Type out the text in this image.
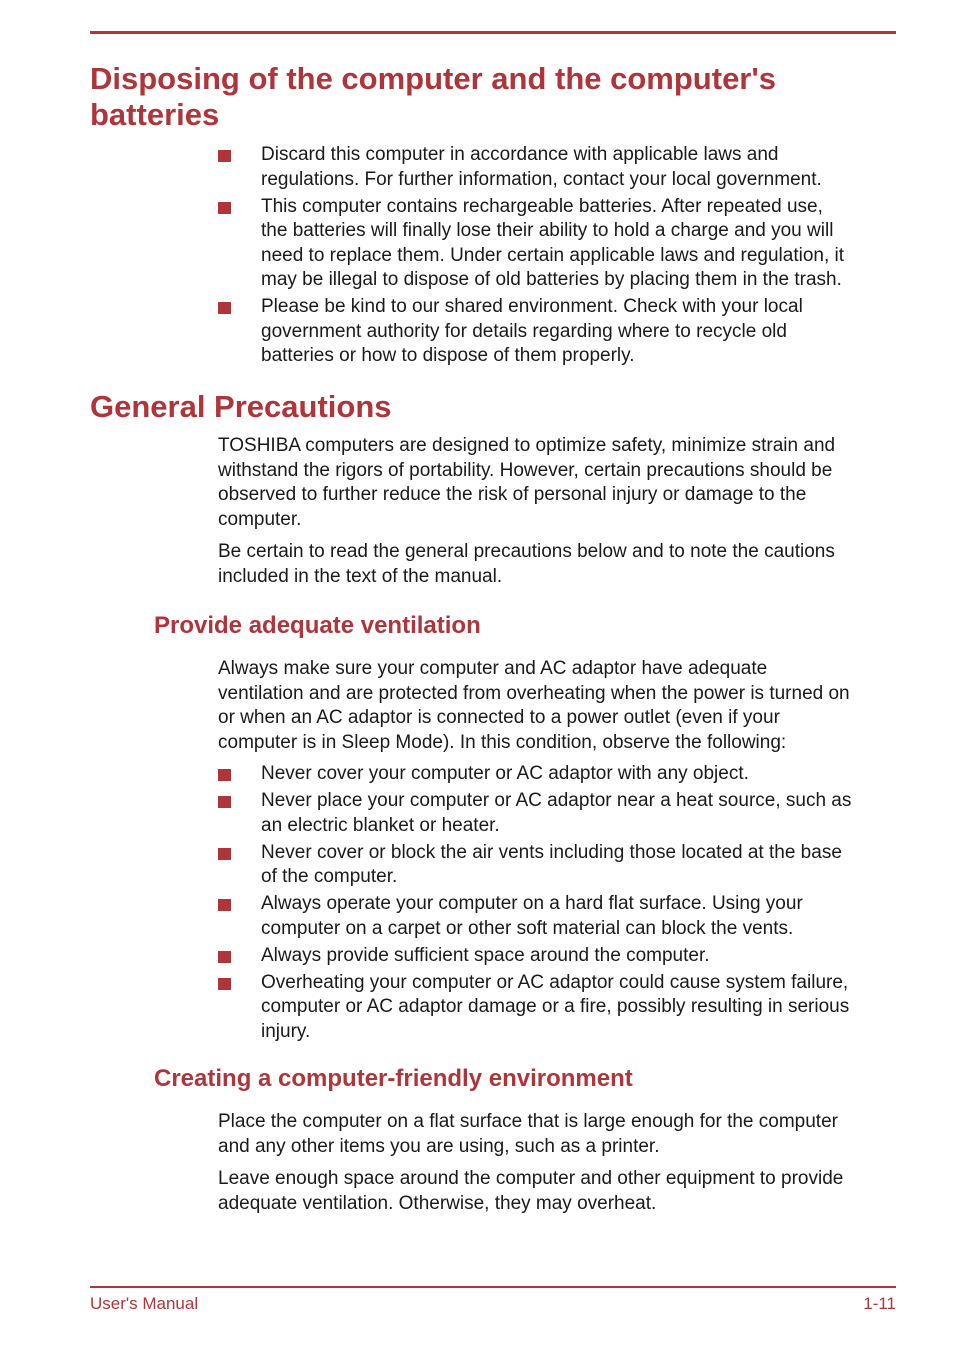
Disposing of the computer and the computer's
batteries
Discard this computer in accordance with applicable laws and
regulations. For further information, contact your local government.
This computer contains rechargeable batteries. After repeated use,
the batteries will finally lose their ability to hold a charge and you will
need to replace them. Under certain applicable laws and regulation, it
may be illegal to dispose of old batteries by placing them in the trash.
Please be kind to our shared environment. Check with your local
government authority for details regarding where to recycle old
batteries or how to dispose of them properly.
General Precautions

TOSHIBA computers are designed to optimize safety, minimize strain and
withstand the rigors of portability. However, certain precautions should be
observed to further reduce the risk of personal injury or damage to the
computer.

Be certain to read the general precautions below and to note the cautions
included in the text of the manual.

Provide adequate ventilation

Always make sure your computer and AC adaptor have adequate
ventilation and are protected from overheating when the power is turned on
or when an AC adaptor is connected to a power outlet (even if your
computer is in Sleep Mode). In this condition, observe the following:

Never cover your computer or AC adaptor with any object.
Never place your computer or AC adaptor near a heat source, such as
an electric blanket or heater.
Never cover or block the air vents including those located at the base
of the computer.
Always operate your computer on a hard flat surface. Using your
computer on a carpet or other soft material can block the vents.
Always provide sufficient space around the computer.
Overheating your computer or AC adaptor could cause system failure,
computer or AC adaptor damage or a fire, possibly resulting in serious
injury.
Creating a computer-friendly environment

Place the computer on a flat surface that is large enough for the computer
and any other items you are using, such as a printer.

Leave enough space around the computer and other equipment to provide
adequate ventilation. Otherwise, they may overheat.

User's Manual	1-11
